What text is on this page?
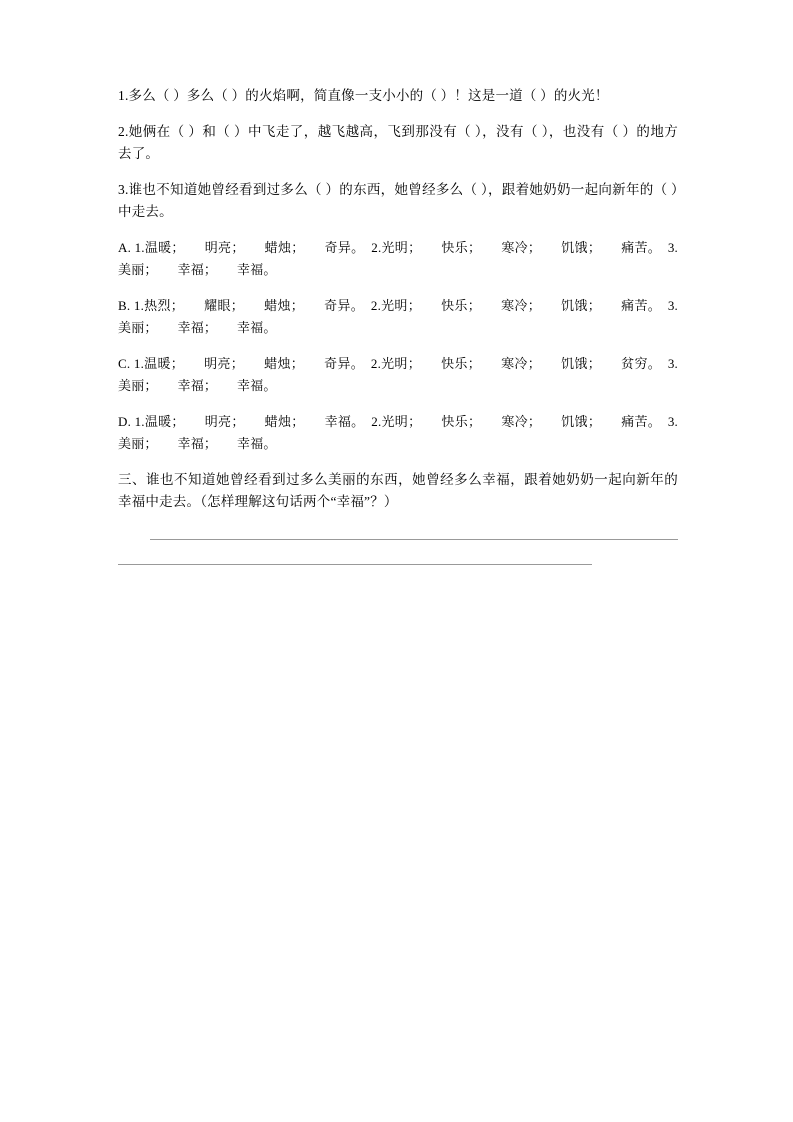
1.多么（ ）多么（ ）的火焰啊，简直像一支小小的（ ）！这是一道（ ）的火光！

2.她俩在（ ）和（ ）中飞走了，越飞越高，飞到那没有（ ），没有（ ），也没有（ ）的地方去了。

3.谁也不知道她曾经看到过多么（ ）的东西，她曾经多么（ ），跟着她奶奶一起向新年的（ ）中走去。

A. 1.温暖；　　明亮；　　蜡烛；　　奇异。　2.光明；　　快乐；　　寒冷；　　饥饿；　　痛苦。　3.美丽；　　幸福；　　幸福。

B. 1.热烈；　　耀眼；　　蜡烛；　　奇异。　2.光明；　　快乐；　　寒冷；　　饥饿；　　痛苦。　3.美丽；　　幸福；　　幸福。

C. 1.温暖；　　明亮；　　蜡烛；　　奇异。　2.光明；　　快乐；　　寒冷；　　饥饿；　　贫穷。　3.美丽；　　幸福；　　幸福。

D. 1.温暖；　　明亮；　　蜡烛；　　幸福。　2.光明；　　快乐；　　寒冷；　　饥饿；　　痛苦。　3.美丽；　　幸福；　　幸福。

三、谁也不知道她曾经看到过多么美丽的东西，她曾经多么幸福，跟着她奶奶一起向新年的幸福中走去。（怎样理解这句话两个“幸福”？）
